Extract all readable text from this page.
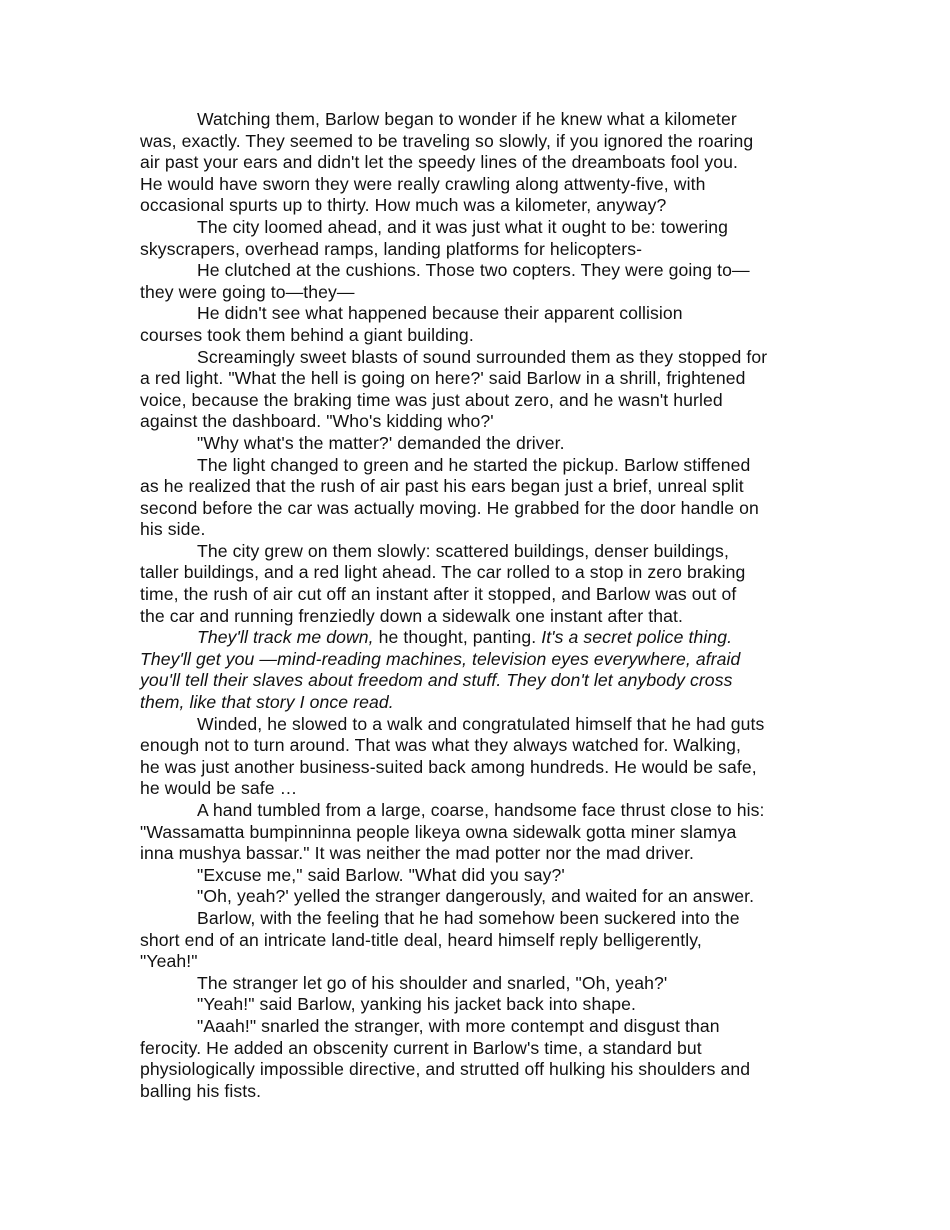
Watching them, Barlow began to wonder if he knew what a kilometer
was, exactly. They seemed to be traveling so slowly, if you ignored the roaring
air past your ears and didn't let the speedy lines of the dreamboats fool you.
He would have sworn they were really crawling along attwenty-five, with
occasional spurts up to thirty. How much was a kilometer, anyway?

The city loomed ahead, and it was just what it ought to be: towering
skyscrapers, overhead ramps, landing platforms for helicopters-

He clutched at the cushions. Those two copters. They were going to—
they were going to—they—

He didn't see what happened because their apparent collision
courses took them behind a giant building.

Screamingly sweet blasts of sound surrounded them as they stopped for
a red light. "What the hell is going on here?' said Barlow in a shrill, frightened
voice, because the braking time was just about zero, and he wasn't hurled
against the dashboard. "Who's kidding who?'

"Why what's the matter?' demanded the driver.

The light changed to green and he started the pickup. Barlow stiffened
as he realized that the rush of air past his ears began just a brief, unreal split
second before the car was actually moving. He grabbed for the door handle on
his side.

The city grew on them slowly: scattered buildings, denser buildings,
taller buildings, and a red light ahead. The car rolled to a stop in zero braking
time, the rush of air cut off an instant after it stopped, and Barlow was out of
the car and running frenziedly down a sidewalk one instant after that.

They'll track me down, he thought, panting. It's a secret police thing.
They'll get you —mind-reading machines, television eyes everywhere, afraid
you'll tell their slaves about freedom and stuff. They don't let anybody cross
them, like that story I once read.

Winded, he slowed to a walk and congratulated himself that he had guts
enough not to turn around. That was what they always watched for. Walking,
he was just another business-suited back among hundreds. He would be safe,
he would be safe …

A hand tumbled from a large, coarse, handsome face thrust close to his:
"Wassamatta bumpinninna people likeya owna sidewalk gotta miner slamya
inna mushya bassar." It was neither the mad potter nor the mad driver.

"Excuse me," said Barlow. "What did you say?'

"Oh, yeah?' yelled the stranger dangerously, and waited for an answer.

Barlow, with the feeling that he had somehow been suckered into the
short end of an intricate land-title deal, heard himself reply belligerently,
"Yeah!"

The stranger let go of his shoulder and snarled, "Oh, yeah?'

"Yeah!" said Barlow, yanking his jacket back into shape.

"Aaah!" snarled the stranger, with more contempt and disgust than
ferocity. He added an obscenity current in Barlow's time, a standard but
physiologically impossible directive, and strutted off hulking his shoulders and
balling his fists.
